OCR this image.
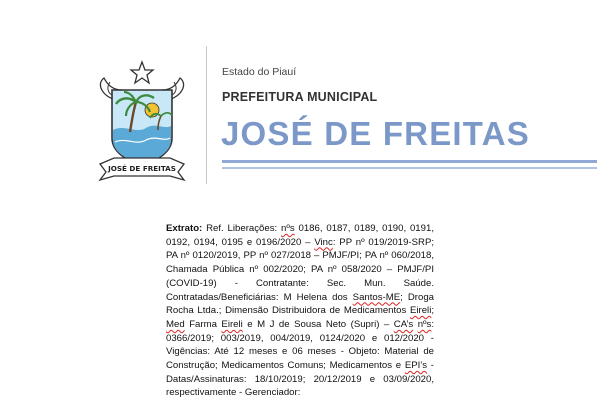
JOSÉ DE FREITAS
Estado do Piauí
PREFEITURA MUNICIPAL
JOSÉ DE FREITAS
Extrato: Ref. Liberações: nºs 0186, 0187, 0189, 0190, 0191, 0192, 0194, 0195 e 0196/2020 – Vinc: PP nº 019/2019-SRP; PA nº 0120/2019, PP nº 027/2018 – PMJF/PI; PA nº 060/2018, Chamada Pública nº 002/2020; PA nº 058/2020 – PMJF/PI (COVID-19) - Contratante: Sec. Mun. Saúde. Contratadas/Beneficiárias: M Helena dos Santos-ME; Droga Rocha Ltda.; Dimensão Distribuidora de Medicamentos Eireli; Med Farma Eireli e M J de Sousa Neto (Supri) – CA’s nºs: 0366/2019; 003/2019, 004/2019, 0124/2020 e 012/2020 - Vigências: Até 12 meses e 06 meses - Objeto: Material de Construção; Medicamentos Comuns; Medicamentos e EPI’s - Datas/Assinaturas: 18/10/2019; 20/12/2019 e 03/09/2020, respectivamente - Gerenciador:
